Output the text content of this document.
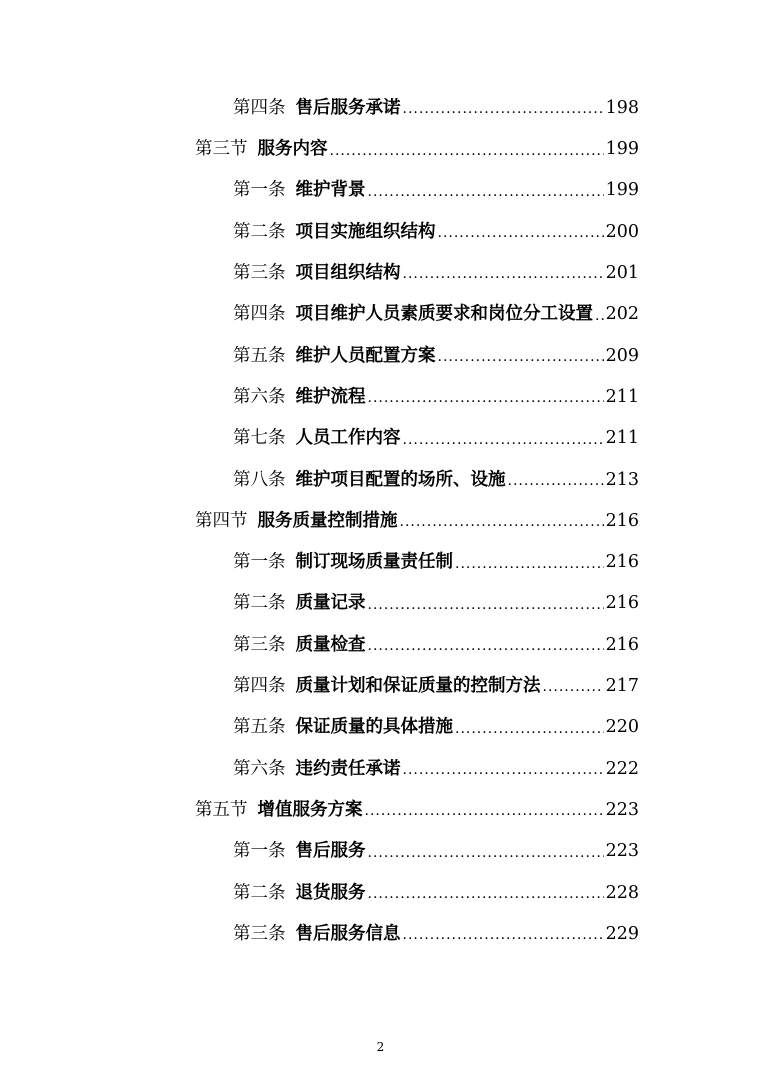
第四条 售后服务承诺 .....	198
第三节 服务内容 .....	199
第一条 维护背景 .....	199
第二条 项目实施组织结构 .....	200
第三条 项目组织结构 .....	201
第四条 项目维护人员素质要求和岗位分工设置 ..... 202
第五条 维护人员配置方案 .....	209
第六条 维护流程 .....	211
第七条 人员工作内容 .....	211
第八条 维护项目配置的场所、设施 .....	213
第四节 服务质量控制措施 .....	216
第一条 制订现场质量责任制 .....	216
第二条 质量记录 .....	216
第三条 质量检查 .....	216
第四条 质量计划和保证质量的控制方法 .....	217
第五条 保证质量的具体措施 .....	220
第六条 违约责任承诺 .....	222
第五节 增值服务方案 .....	223
第一条 售后服务 .....	223
第二条 退货服务 .....	228
第三条 售后服务信息 .....	229
2
